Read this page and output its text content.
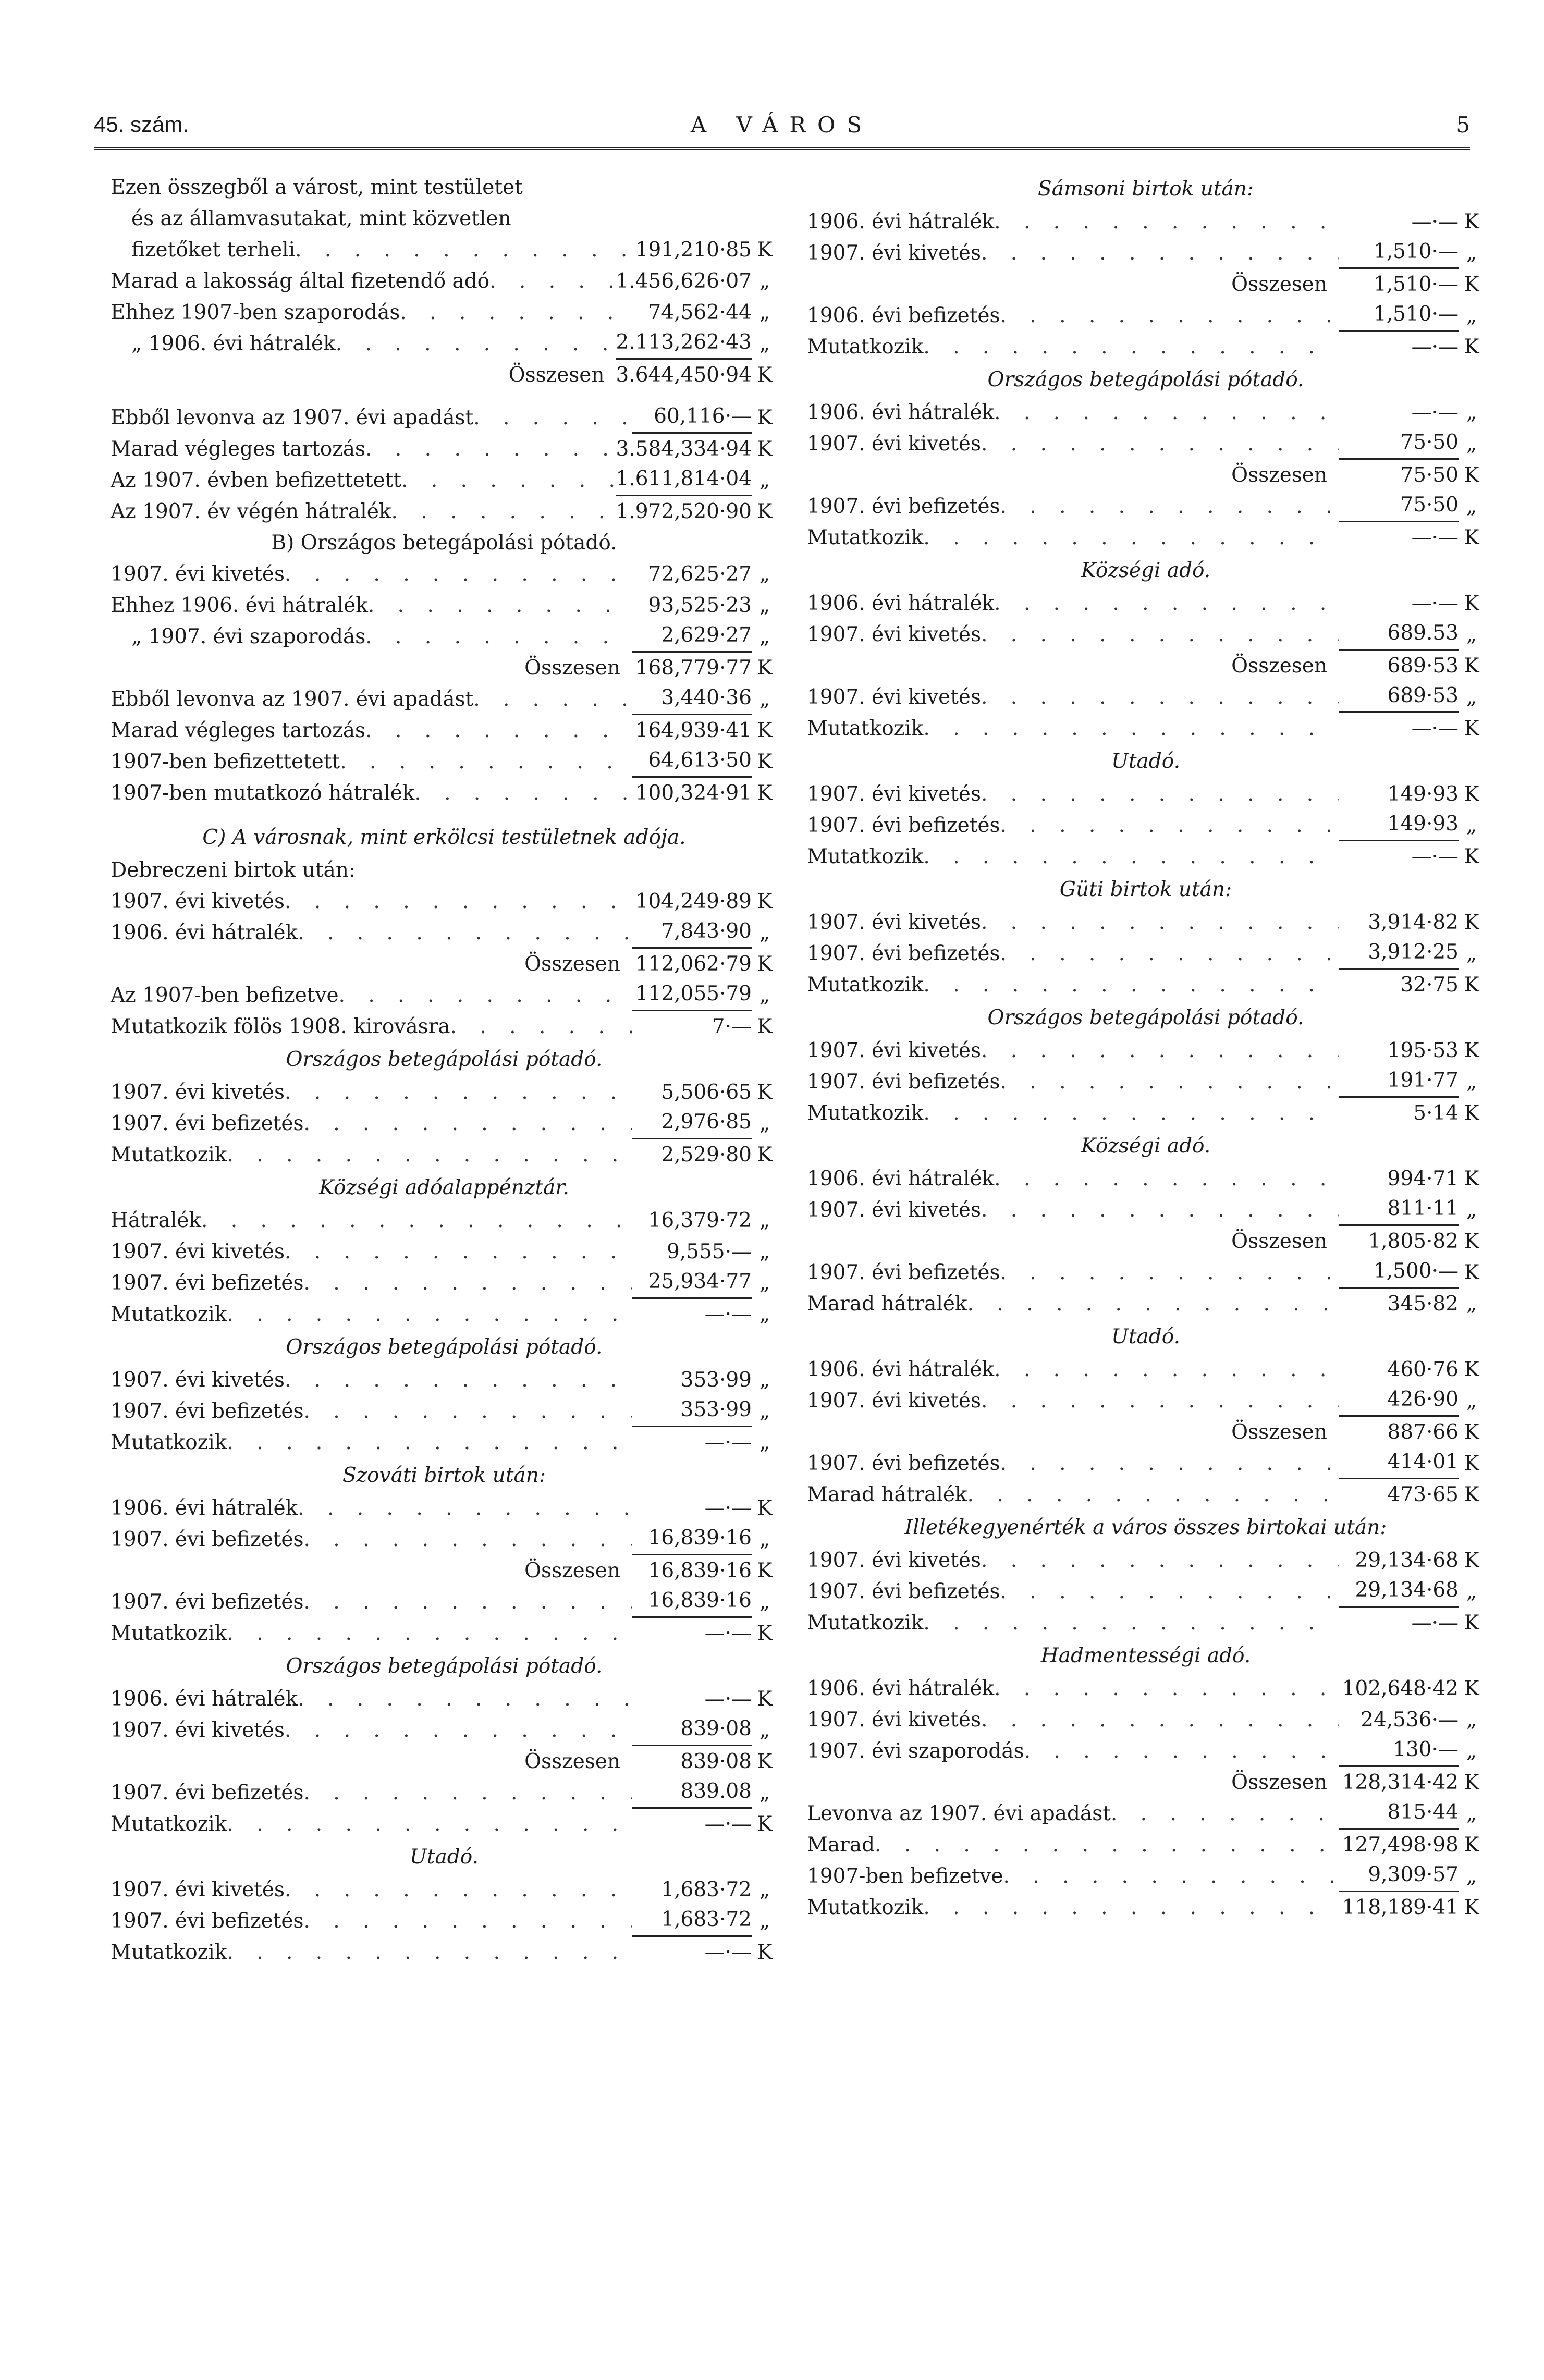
45. szám.	A VÁROS	5
Ezen összegből a várost, mint testületet
és az államvasutakat, mint közvetlen
fizetőket terheli . . .	191,210·85 K
Marad a lakosság által fizetendő adó . . .	1.456,626·07 „
Ehhez 1907-ben szaporodás . . .	74,562·44 „
„ 1906. évi hátralék . . .	2.113,262·43 „
Összesen 3.644,450·94 K
Ebből levonva az 1907. évi apadást . . .	60,116·— K
Marad végleges tartozás . . .	3.584,334·94 K
Az 1907. évben befizettetett . . .	1.611,814·04 „
Az 1907. év végén hátralék . . .	1.972,520·90 K
B) Országos betegápolási pótadó.
1907. évi kivetés . . .	72,625·27 „
Ehhez 1906. évi hátralék . . .	93,525·23 „
„ 1907. évi szaporodás . . .	2,629·27 „
Összesen 168,779·77 K
Ebből levonva az 1907. évi apadást . . .	3,440·36 „
Marad végleges tartozás . . .	164,939·41 K
1907-ben befizettetett . . .	64,613·50 K
1907-ben mutatkozó hátralék . . .	100,324·91 K
C) A városnak, mint erkölcsi testületnek adója.
Debreczeni birtok után:
1907. évi kivetés . . .	104,249·89 K
1906. évi hátralék . . .	7,843·90 „
Összesen 112,062·79 K
Az 1907-ben befizetve . . .	112,055·79 „
Mutatkozik fölös 1908. kirovásra . . .	7·— K
Országos betegápolási pótadó.
1907. évi kivetés . . .	5,506·65 K
1907. évi befizetés . . .	2,976·85 „
Mutatkozik . . .	2,529·80 K
Községi adóalappénztár.
Hátralék . . .	16,379·72 „
1907. évi kivetés . . .	9,555·— „
1907. évi befizetés . . .	25,934·77 „
Mutatkozik . . .	—·— „
Országos betegápolási pótadó.
1907. évi kivetés . . .	353·99 „
1907. évi befizetés . . .	353·99 „
Mutatkozik . . .	—·— „
Szováti birtok után:
1906. évi hátralék . . .	—·— K
1907. évi befizetés . . .	16,839·16 „
Összesen	16,839·16 K
1907. évi befizetés . . .	16,839·16 „
Mutatkozik . . .	—·— K
Országos betegápolási pótadó.
1906. évi hátralék . . .	—·— K
1907. évi kivetés . . .	839·08 „
Összesen	839·08 K
1907. évi befizetés . . .	839.08 „
Mutatkozik . . .	—·— K
Utadó.
1907. évi kivetés . . .	1,683·72 „
1907. évi befizetés . . .	1,683·72 „
Mutatkozik . . .	—·— K
Sámsoni birtok után:
1906. évi hátralék . . .	—·— K
1907. évi kivetés . . .	1,510·— „
Összesen	1,510·— K
1906. évi befizetés . . .	1,510·— „
Mutatkozik . . .	—·— K
Országos betegápolási pótadó.
1906. évi hátralék . . .	—·— „
1907. évi kivetés . . .	75·50 „
Összesen	75·50 K
1907. évi befizetés . . .	75·50 „
Mutatkozik . . .	—·— K
Községi adó.
1906. évi hátralék . . .	—·— K
1907. évi kivetés . . .	689.53 „
Összesen	689·53 K
1907. évi kivetés . . .	689·53 „
Mutatkozik . . .	—·— K
Utadó.
1907. évi kivetés . . .	149·93 K
1907. évi befizetés . . .	149·93 „
Mutatkozik . . .	—·— K
Güti birtok után:
1907. évi kivetés . . .	3,914·82 K
1907. évi befizetés . . .	3,912·25 „
Mutatkozik . . .	32·75 K
Országos betegápolási pótadó.
1907. évi kivetés . . .	195·53 K
1907. évi befizetés . . .	191·77 „
Mutatkozik . . .	5·14 K
Községi adó.
1906. évi hátralék . . .	994·71 K
1907. évi kivetés . . .	811·11 „
Összesen	1,805·82 K
1907. évi befizetés . . .	1,500·— K
Marad hátralék . . .	345·82 „
Utadó.
1906. évi hátralék . . .	460·76 K
1907. évi kivetés . . .	426·90 „
Összesen	887·66 K
1907. évi befizetés . . .	414·01 K
Marad hátralék . . .	473·65 K
Illetékegyenérték a város összes birtokai után:
1907. évi kivetés . . .	29,134·68 K
1907. évi befizetés . . .	29,134·68 „
Mutatkozik . . .	—·— K
Hadmentességi adó.
1906. évi hátralék . . .	102,648·42 K
1907. évi kivetés . . .	24,536·— „
1907. évi szaporodás . . .	130·— „
Összesen 128,314·42 K
Levonva az 1907. évi apadást . . .	815·44 „
Marad . . .	127,498·98 K
1907-ben befizetve . . .	9,309·57 „
Mutatkozik . . .	118,189·41 K
